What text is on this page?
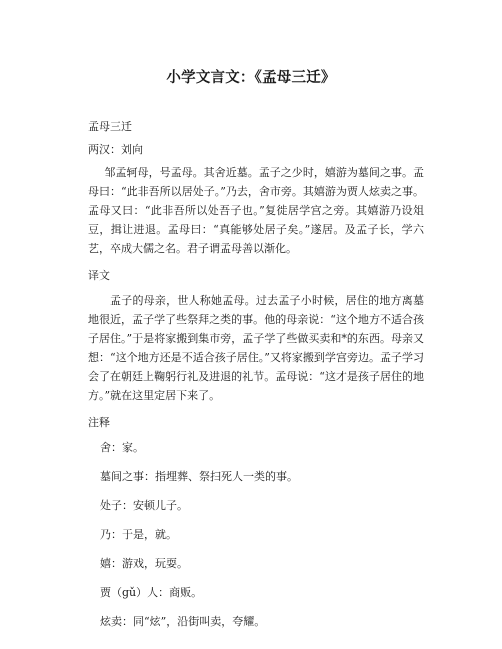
小学文言文：《孟母三迁》

孟母三迁

两汉：刘向

邹孟轲母，号孟母。其舍近墓。孟子之少时，嬉游为墓间之事。孟母曰：“此非吾所以居处子。”乃去，舍市旁。其嬉游为贾人炫卖之事。孟母又曰：“此非吾所以处吾子也。”复徙居学宫之旁。其嬉游乃设俎豆，揖让进退。孟母曰：“真能够处居子矣。”遂居。及孟子长，学六艺，卒成大儒之名。君子谓孟母善以渐化。

译文

孟子的母亲，世人称她孟母。过去孟子小时候，居住的地方离墓地很近，孟子学了些祭拜之类的事。他的母亲说：“这个地方不适合孩子居住。”于是将家搬到集市旁，孟子学了些做买卖和*的东西。母亲又想：“这个地方还是不适合孩子居住。”又将家搬到学宫旁边。孟子学习会了在朝廷上鞠躬行礼及进退的礼节。孟母说：“这才是孩子居住的地方。”就在这里定居下来了。

注释

舍：家。
墓间之事：指埋葬、祭扫死人一类的事。
处子：安顿儿子。
乃：于是，就。
嬉：游戏，玩耍。
贾（gǔ）人：商贩。
炫卖：同“炫”，沿街叫卖，夸耀。
